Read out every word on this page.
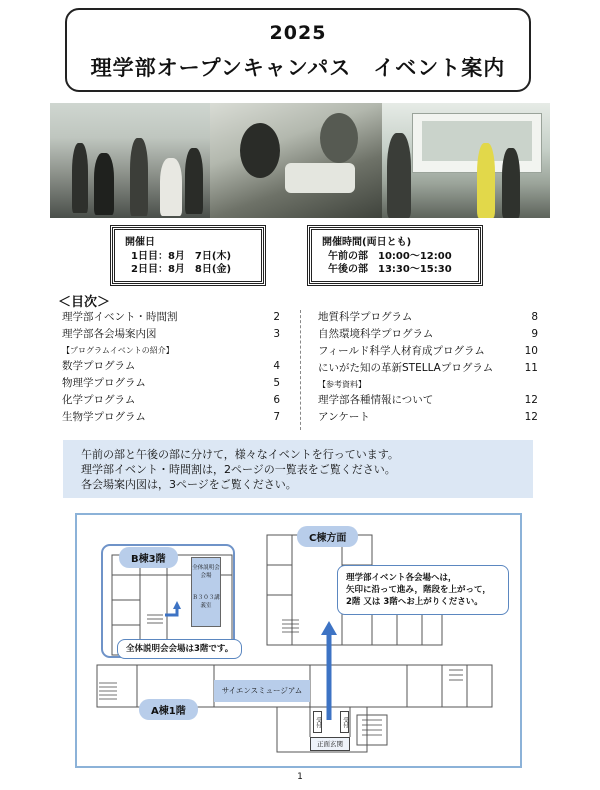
2025
理学部オープンキャンパス　イベント案内
開催日
1日目：8月　7日(木)
2日目：8月　8日(金)
開催時間(両日とも)
午前の部　10:00～12:00
午後の部　13:30～15:30
＜目次＞
理学部イベント・時間割	2
理学部各会場案内図	3
【プログラムイベントの紹介】
数学プログラム	4
物理学プログラム	5
化学プログラム	6
生物学プログラム	7
地質科学プログラム	8
自然環境科学プログラム	9
フィールド科学人材育成プログラム	10
にいがた知の革新STELLAプログラム	11
【参考資料】
理学部各種情報について	12
アンケート	12
午前の部と午後の部に分けて，様々なイベントを行っています。
理学部イベント・時間割は，2ページの一覧表をご覧ください。
各会場案内図は，3ページをご覧ください。
C棟方面
B棟3階
A棟1階
全体説明会会場
Ｂ３０３講義室
全体説明会会場は3階です。
理学部イベント各会場へは，
矢印に沿って進み，階段を上がって，
2階 又は 3階へお上がりください。
サイエンスミュージアム
受付	受付
正面玄関
1
